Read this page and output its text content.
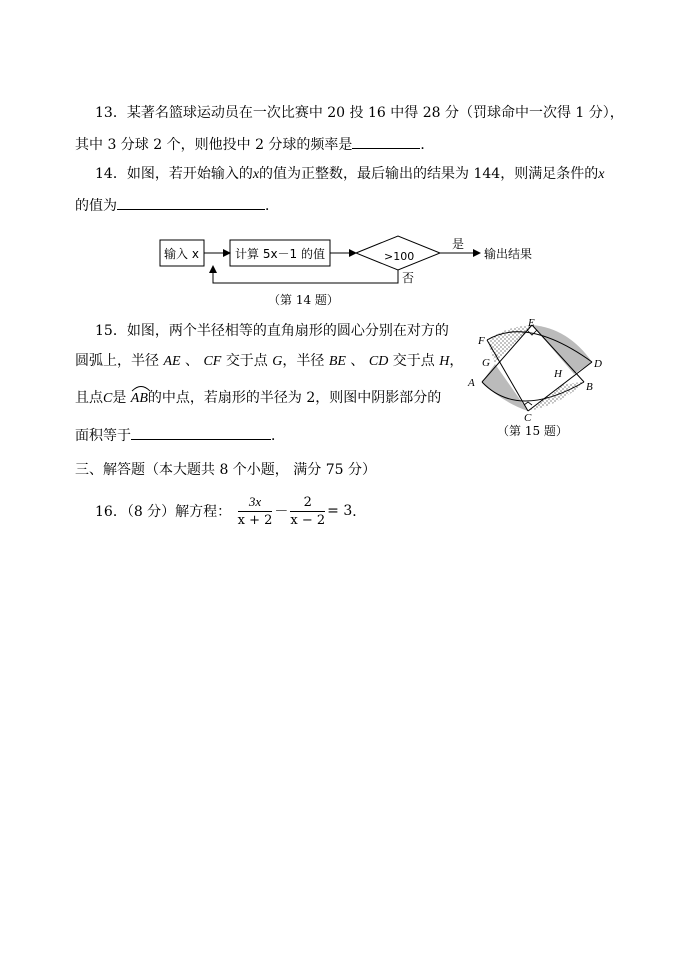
13．某著名篮球运动员在一次比赛中 20 投 16 中得 28 分（罚球命中一次得 1 分），
其中 3 分球 2 个，则他投中 2 分球的频率是	．
14．如图，若开始输入的x的值为正整数，最后输出的结果为 144，则满足条件的x
的值为	．
输入 x	计算 5x－1 的值	>100
是
输出结果
否
（第 14 题）
15．如图，两个半径相等的直角扇形的圆心分别在对方的
圆弧上，半径 AE 、 CF 交于点 G，半径 BE 、 CD 交于点 H，
且点C是 AB的中点，若扇形的半径为 2，则图中阴影部分的
面积等于	．
E
F
G	D
H
B
A
C
（第 15 题）
三、解答题（本大题共 8 个小题， 满分 75 分）
16．（8 分）解方程： $\frac{3x}{x + 2} - \frac{2}{x - 2} = 3$．
